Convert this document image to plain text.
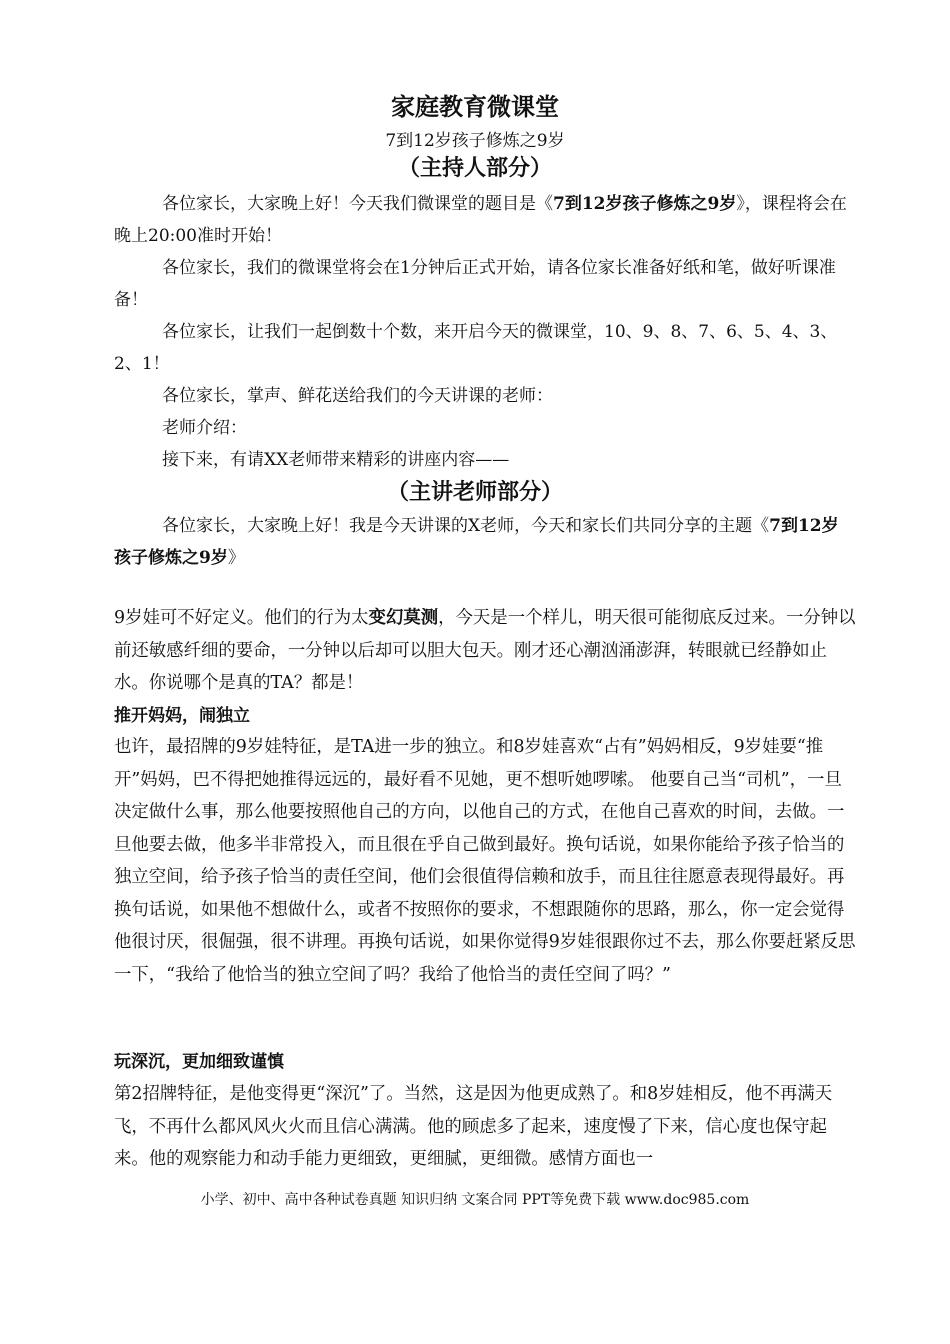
家庭教育微课堂
7到12岁孩子修炼之9岁
（主持人部分）
各位家长，大家晚上好！今天我们微课堂的题目是《7到12岁孩子修炼之9岁》，课程将会在晚上20:00准时开始！
各位家长，我们的微课堂将会在1分钟后正式开始，请各位家长准备好纸和笔，做好听课准备！
各位家长，让我们一起倒数十个数，来开启今天的微课堂，10、9、8、7、6、5、4、3、2、1！
各位家长，掌声、鲜花送给我们的今天讲课的老师：
老师介绍：
接下来，有请XX老师带来精彩的讲座内容——
（主讲老师部分）
各位家长，大家晚上好！我是今天讲课的X老师，今天和家长们共同分享的主题《7到12岁孩子修炼之9岁》
9岁娃可不好定义。他们的行为太变幻莫测，今天是一个样儿，明天很可能彻底反过来。一分钟以前还敏感纤细的要命，一分钟以后却可以胆大包天。刚才还心潮汹涌澎湃，转眼就已经静如止水。你说哪个是真的TA？都是！
推开妈妈，闹独立
也许，最招牌的9岁娃特征，是TA进一步的独立。和8岁娃喜欢“占有”妈妈相反，9岁娃要“推开”妈妈，巴不得把她推得远远的，最好看不见她，更不想听她啰嗦。 他要自己当“司机”，一旦决定做什么事，那么他要按照他自己的方向，以他自己的方式，在他自己喜欢的时间，去做。一旦他要去做，他多半非常投入，而且很在乎自己做到最好。换句话说，如果你能给予孩子恰当的独立空间，给予孩子恰当的责任空间，他们会很值得信赖和放手，而且往往愿意表现得最好。再换句话说，如果他不想做什么，或者不按照你的要求，不想跟随你的思路，那么，你一定会觉得他很讨厌，很倔强，很不讲理。再换句话说，如果你觉得9岁娃很跟你过不去，那么你要赶紧反思一下，“我给了他恰当的独立空间了吗？我给了他恰当的责任空间了吗？”
玩深沉，更加细致谨慎
第2招牌特征，是他变得更“深沉”了。当然，这是因为他更成熟了。和8岁娃相反，他不再满天飞，不再什么都风风火火而且信心满满。他的顾虑多了起来，速度慢了下来，信心度也保守起来。他的观察能力和动手能力更细致，更细腻，更细微。感情方面也一
小学、初中、高中各种试卷真题 知识归纳 文案合同 PPT等免费下载 www.doc985.com
